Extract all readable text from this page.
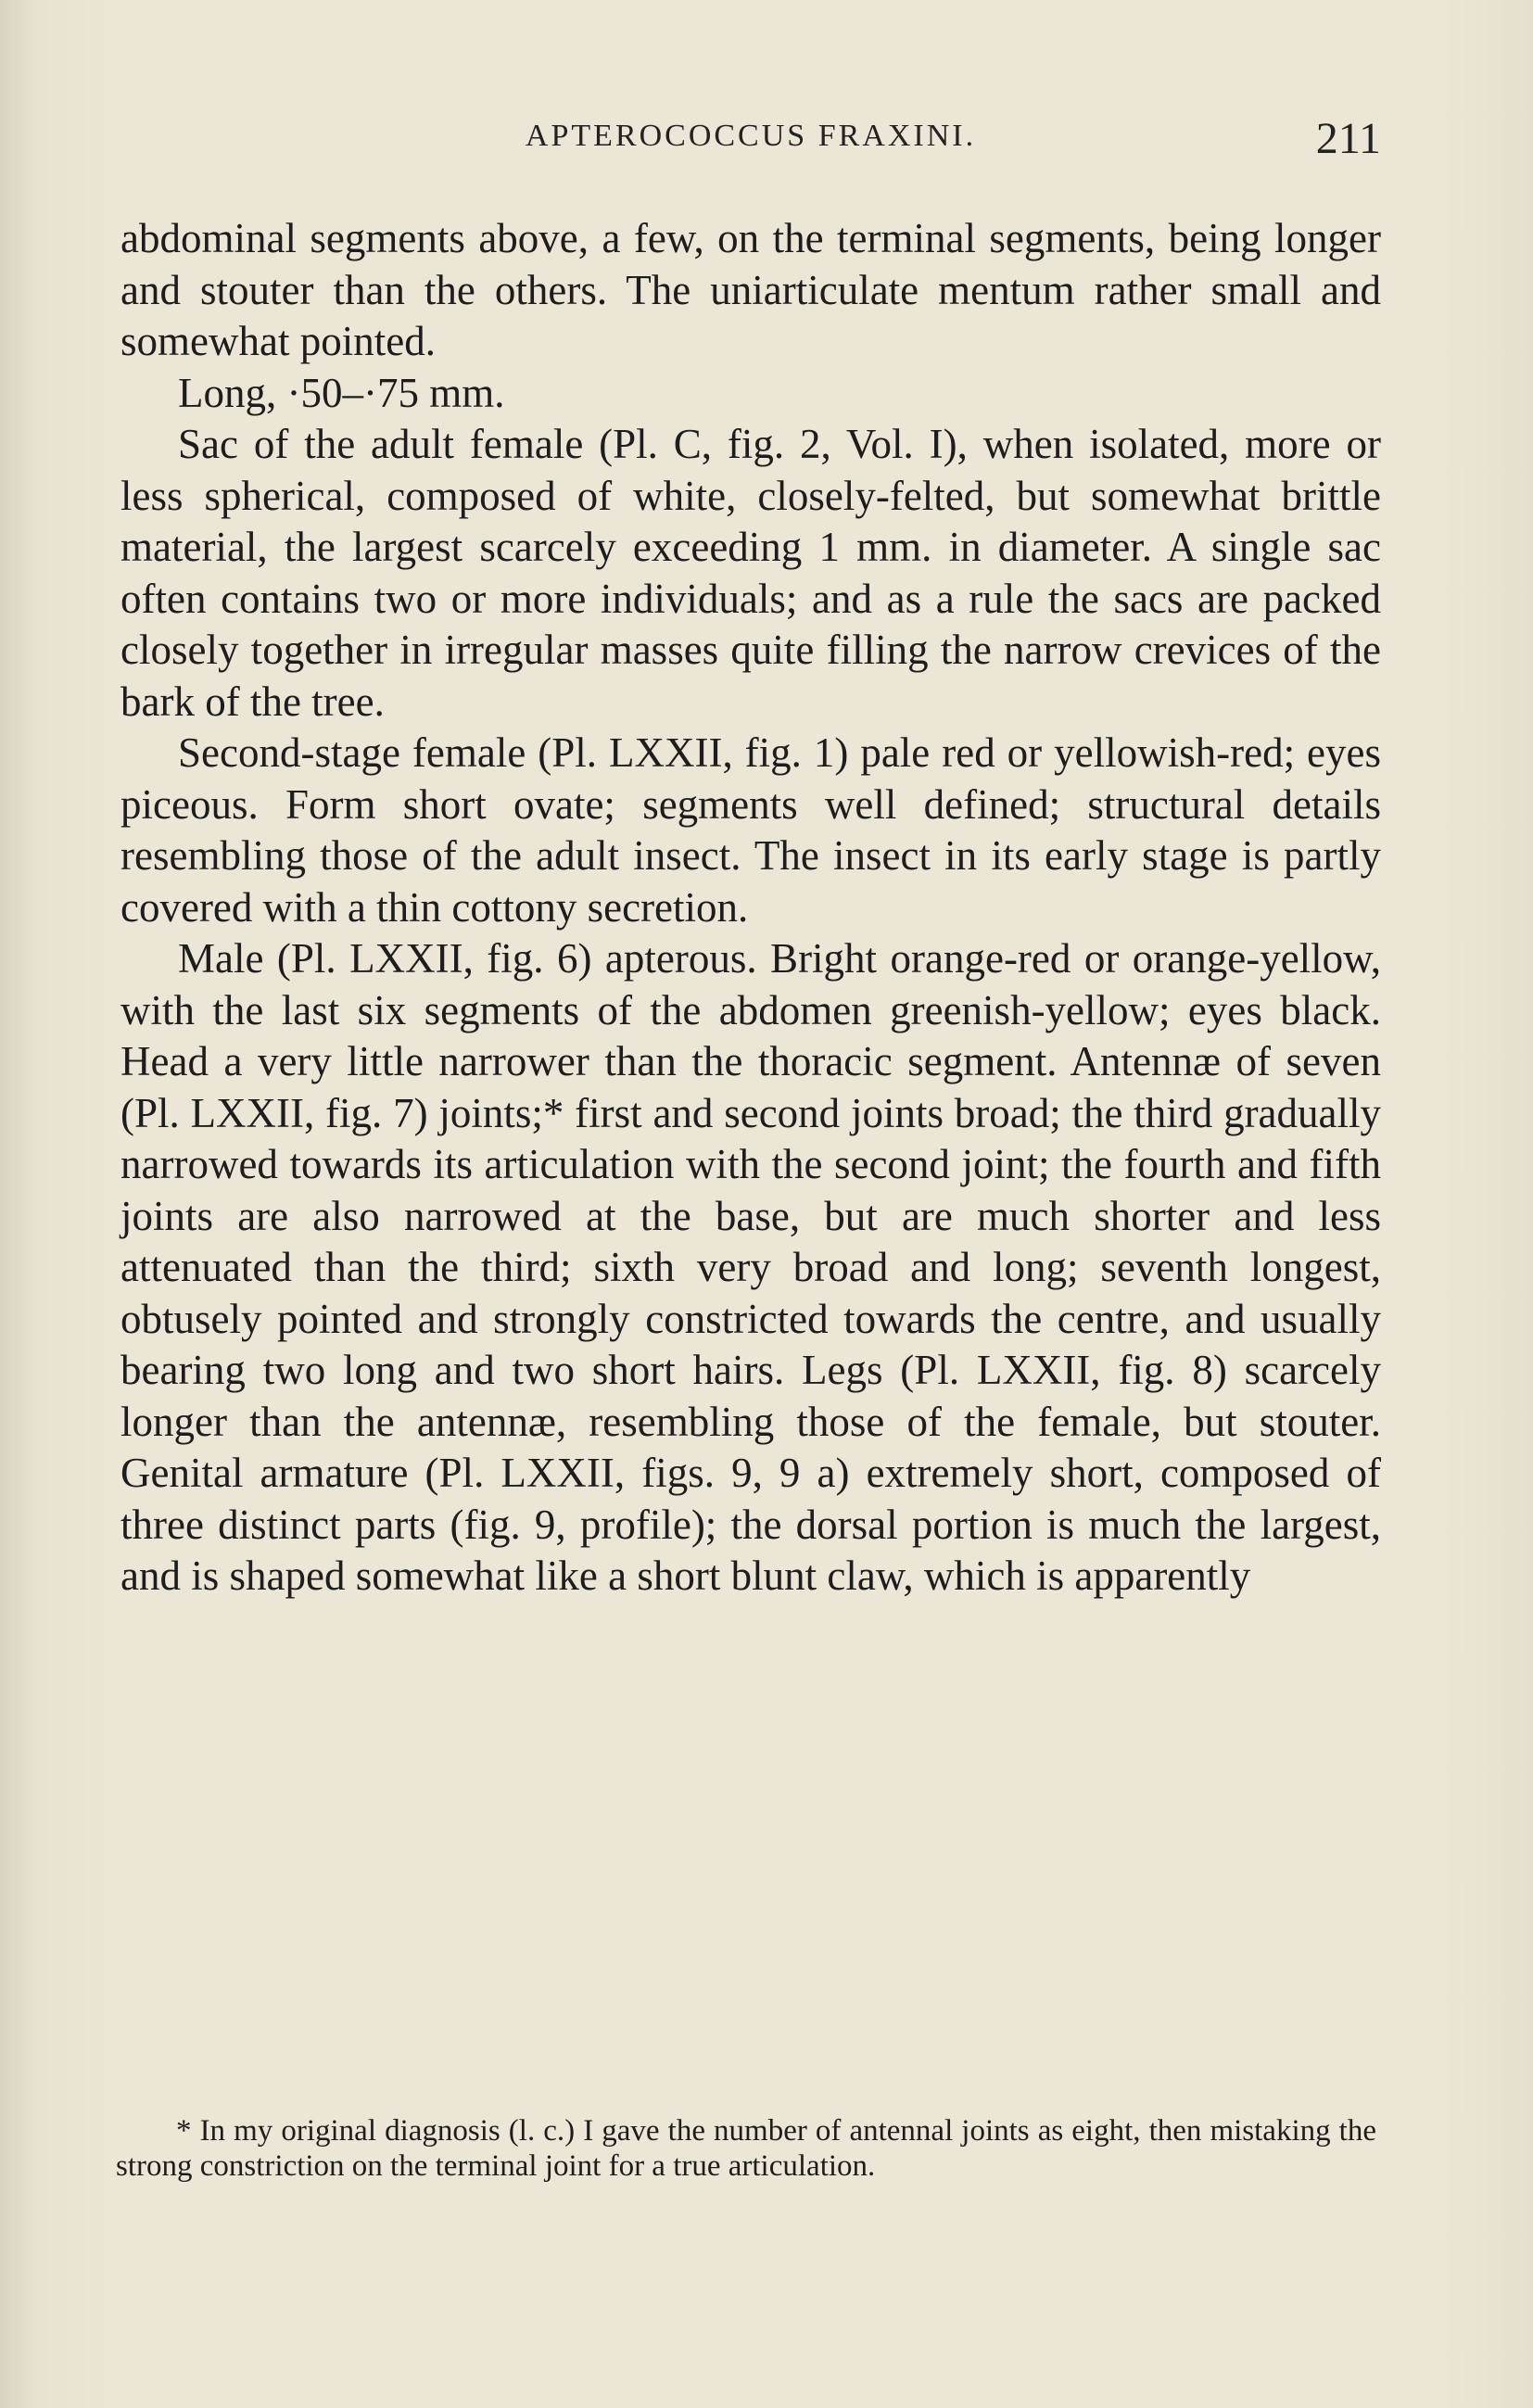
APTEROCOCCUS FRAXINI.	211

abdominal segments above, a few, on the terminal segments, being longer and stouter than the others. The uniarticulate mentum rather small and somewhat pointed.

Long, ·50–·75 mm.

Sac of the adult female (Pl. C, fig. 2, Vol. I), when isolated, more or less spherical, composed of white, closely-felted, but somewhat brittle material, the largest scarcely exceeding 1 mm. in diameter. A single sac often contains two or more individuals; and as a rule the sacs are packed closely together in irregular masses quite filling the narrow crevices of the bark of the tree.

Second-stage female (Pl. LXXII, fig. 1) pale red or yellowish-red; eyes piceous. Form short ovate; segments well defined; structural details resembling those of the adult insect. The insect in its early stage is partly covered with a thin cottony secretion.

Male (Pl. LXXII, fig. 6) apterous. Bright orange-red or orange-yellow, with the last six segments of the abdomen greenish-yellow; eyes black. Head a very little narrower than the thoracic segment. Antennæ of seven (Pl. LXXII, fig. 7) joints;* first and second joints broad; the third gradually narrowed towards its articulation with the second joint; the fourth and fifth joints are also narrowed at the base, but are much shorter and less attenuated than the third; sixth very broad and long; seventh longest, obtusely pointed and strongly constricted towards the centre, and usually bearing two long and two short hairs. Legs (Pl. LXXII, fig. 8) scarcely longer than the antennæ, resembling those of the female, but stouter. Genital armature (Pl. LXXII, figs. 9, 9 a) extremely short, composed of three distinct parts (fig. 9, profile); the dorsal portion is much the largest, and is shaped somewhat like a short blunt claw, which is apparently

* In my original diagnosis (l. c.) I gave the number of antennal joints as eight, then mistaking the strong constriction on the terminal joint for a true articulation.
